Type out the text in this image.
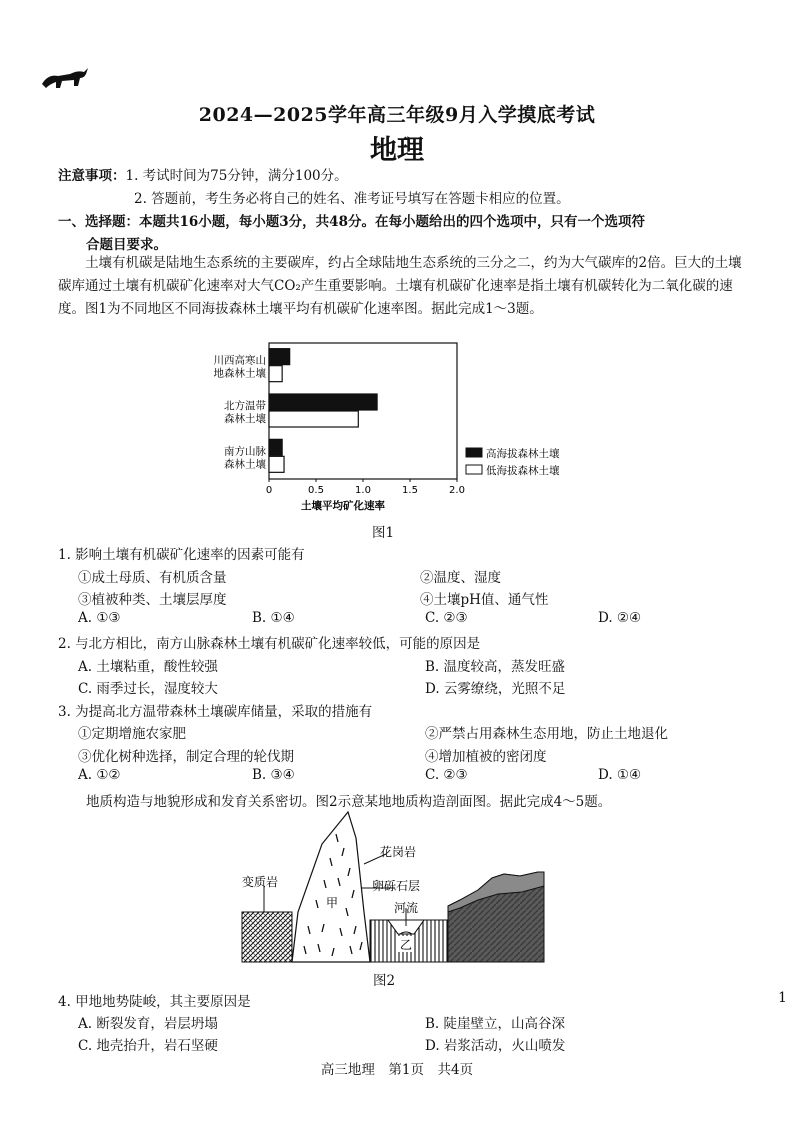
2024—2025学年高三年级9月入学摸底考试
地理
注意事项：1. 考试时间为75分钟，满分100分。
2. 答题前，考生务必将自己的姓名、准考证号填写在答题卡相应的位置。
一、选择题：本题共16小题，每小题3分，共48分。在每小题给出的四个选项中，只有一个选项符
合题目要求。
土壤有机碳是陆地生态系统的主要碳库，约占全球陆地生态系统的三分之二，约为大气碳库的2倍。巨大的土壤碳库通过土壤有机碳矿化速率对大气CO₂产生重要影响。土壤有机碳矿化速率是指土壤有机碳转化为二氧化碳的速度。图1为不同地区不同海拔森林土壤平均有机碳矿化速率图。据此完成1～3题。
川西高寒山
地森林土壤
北方温带
森林土壤
南方山脉
森林土壤
0	0.5	1.0	1.5	2.0
土壤平均矿化速率
高海拔森林土壤
低海拔森林土壤
图1
1. 影响土壤有机碳矿化速率的因素可能有
①成土母质、有机质含量	②温度、湿度
③植被种类、土壤层厚度	④土壤pH值、通气性
A. ①③	B. ①④	C. ②③	D. ②④
2. 与北方相比，南方山脉森林土壤有机碳矿化速率较低，可能的原因是
A. 土壤粘重，酸性较强	B. 温度较高，蒸发旺盛
C. 雨季过长，湿度较大	D. 云雾缭绕，光照不足
3. 为提高北方温带森林土壤碳库储量，采取的措施有
①定期增施农家肥	②严禁占用森林生态用地，防止土地退化
③优化树种选择，制定合理的轮伐期	④增加植被的密闭度
A. ①②	B. ③④	C. ②③	D. ①④
地质构造与地貌形成和发育关系密切。图2示意某地地质构造剖面图。据此完成4～5题。
甲
乙
花岗岩
卵砾石层
河流
变质岩
图2
4. 甲地地势陡峻，其主要原因是
A. 断裂发育，岩层坍塌	B. 陡崖壁立，山高谷深
C. 地壳抬升，岩石坚硬	D. 岩浆活动，火山喷发
1
高三地理　第1页　共4页
